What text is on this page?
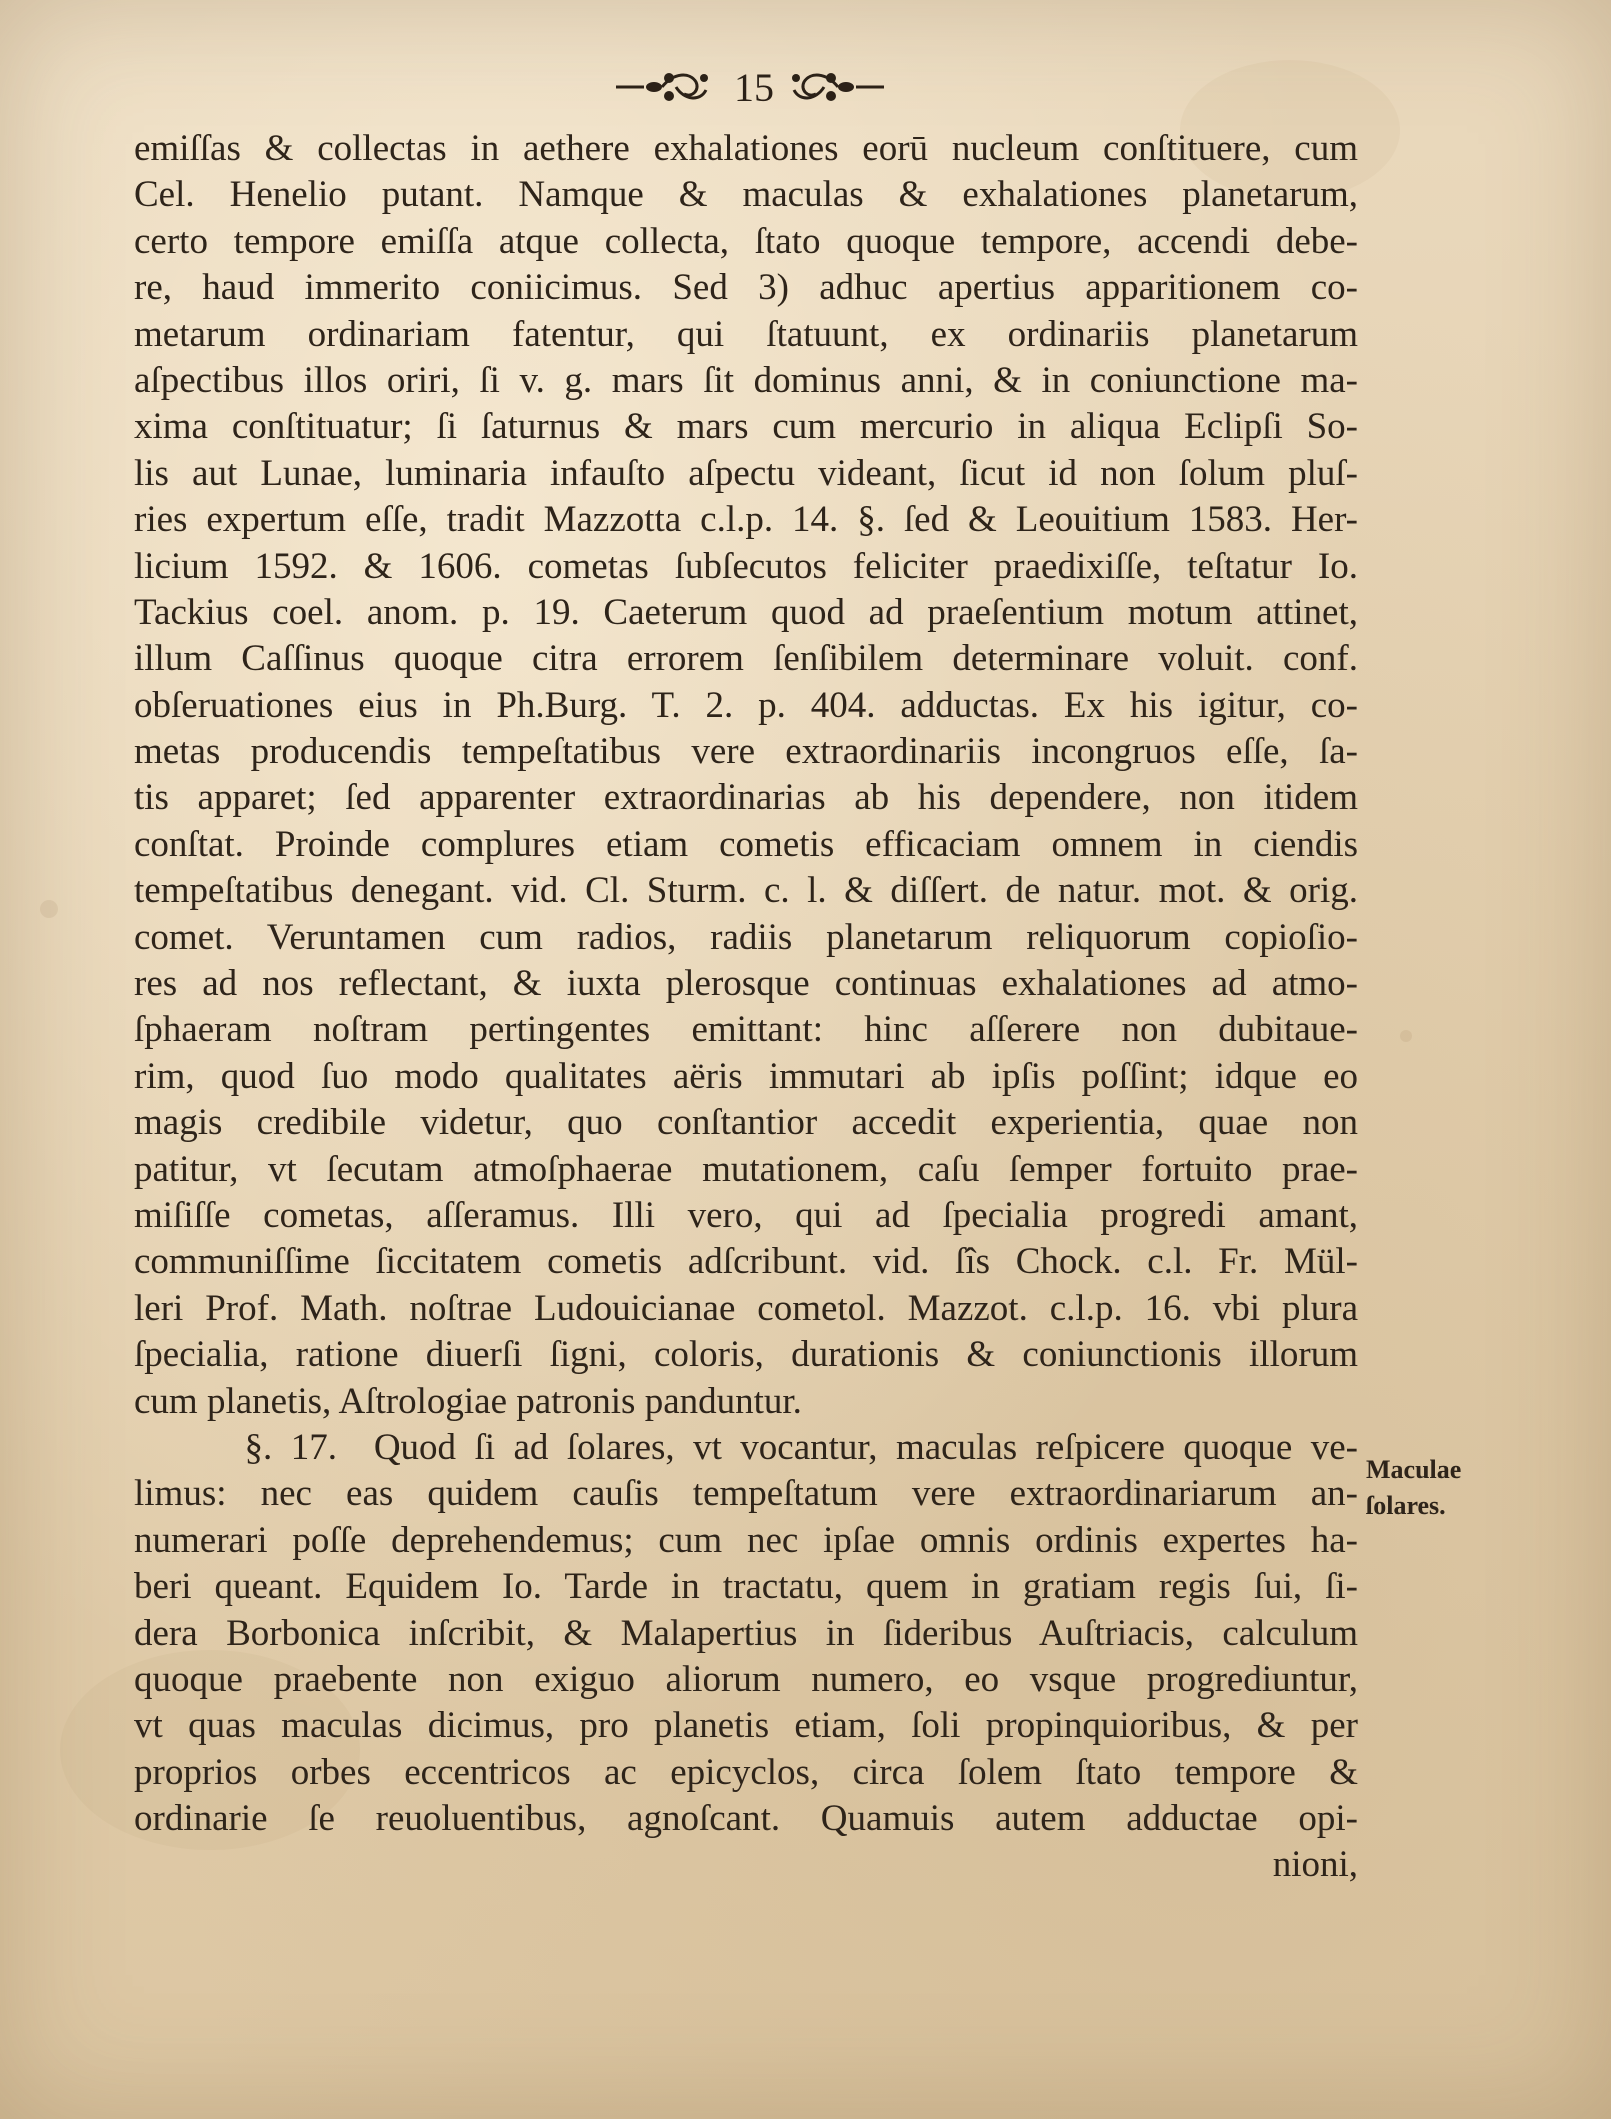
15
emiſſas & collectas in aethere exhalationes eorū nucleum conſtituere, cum
Cel. Henelio putant. Namque & maculas & exhalationes planetarum,
certo tempore emiſſa atque collecta, ſtato quoque tempore, accendi debe-
re, haud immerito coniicimus. Sed 3) adhuc apertius apparitionem co-
metarum ordinariam fatentur, qui ſtatuunt, ex ordinariis planetarum
aſpectibus illos oriri, ſi v. g. mars ſit dominus anni, & in coniunctione ma-
xima conſtituatur; ſi ſaturnus & mars cum mercurio in aliqua Eclipſi So-
lis aut Lunae, luminaria infauſto aſpectu videant, ſicut id non ſolum pluſ-
ries expertum eſſe, tradit Mazzotta c.l.p. 14. §. ſed & Leouitium 1583. Her-
licium 1592. & 1606. cometas ſubſecutos feliciter praedixiſſe, teſtatur Io.
Tackius coel. anom. p. 19. Caeterum quod ad praeſentium motum attinet,
illum Caſſinus quoque citra errorem ſenſibilem determinare voluit. conf.
obſeruationes eius in Ph.Burg. T. 2. p. 404. adductas. Ex his igitur, co-
metas producendis tempeſtatibus vere extraordinariis incongruos eſſe, ſa-
tis apparet; ſed apparenter extraordinarias ab his dependere, non itidem
conſtat. Proinde complures etiam cometis efficaciam omnem in ciendis
tempeſtatibus denegant. vid. Cl. Sturm. c. l. & diſſert. de natur. mot. & orig.
comet. Veruntamen cum radios, radiis planetarum reliquorum copioſio-
res ad nos reflectant, & iuxta plerosque continuas exhalationes ad atmo-
ſphaeram noſtram pertingentes emittant: hinc aſſerere non dubitaue-
rim, quod ſuo modo qualitates aëris immutari ab ipſis poſſint; idque eo
magis credibile videtur, quo conſtantior accedit experientia, quae non
patitur, vt ſecutam atmoſphaerae mutationem, caſu ſemper fortuito prae-
miſiſſe cometas, aſſeramus. Illi vero, qui ad ſpecialia progredi amant,
communiſſime ſiccitatem cometis adſcribunt. vid. ſîs Chock. c.l. Fr. Mül-
leri Prof. Math. noſtrae Ludouicianae cometol. Mazzot. c.l.p. 16. vbi plura
ſpecialia, ratione diuerſi ſigni, coloris, durationis & coniunctionis illorum
cum planetis, Aſtrologiae patronis panduntur.
§. 17.  Quod ſi ad ſolares, vt vocantur, maculas reſpicere quoque ve-
limus: nec eas quidem cauſis tempeſtatum vere extraordinariarum an-
numerari poſſe deprehendemus; cum nec ipſae omnis ordinis expertes ha-
beri queant. Equidem Io. Tarde in tractatu, quem in gratiam regis ſui, ſi-
dera Borbonica inſcribit, & Malapertius in ſideribus Auſtriacis, calculum
quoque praebente non exiguo aliorum numero, eo vsque progrediuntur,
vt quas maculas dicimus, pro planetis etiam, ſoli propinquioribus, & per
proprios orbes eccentricos ac epicyclos, circa ſolem ſtato tempore &
ordinarie ſe reuoluentibus, agnoſcant. Quamuis autem adductae opi-
nioni,
Maculae
ſolares.
